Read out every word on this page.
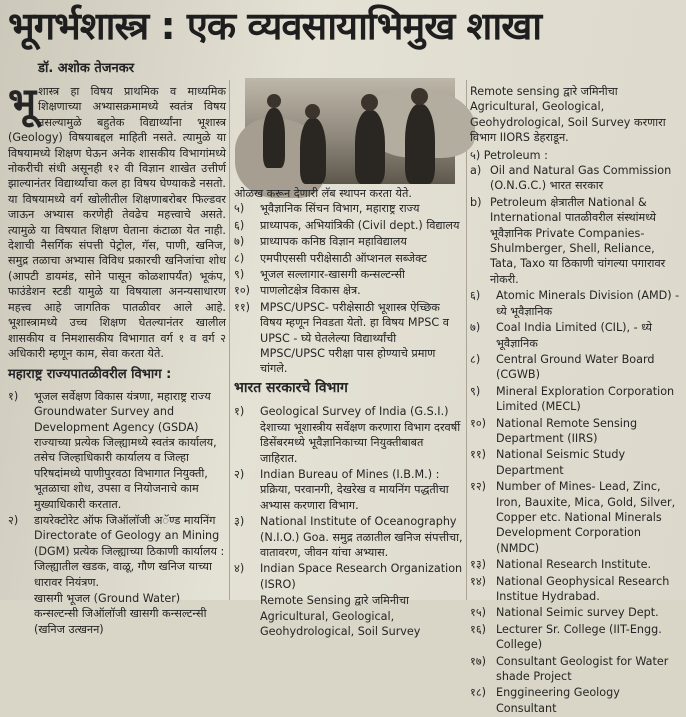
भूगर्भशास्त्र : एक व्यवसायाभिमुख शाखा
डॉ. अशोक तेजनकर
भू शास्त्र हा विषय प्राथमिक व माध्यमिक शिक्षणाच्या अभ्यासक्रमामध्ये स्वतंत्र विषय नसल्यामुळे बहुतेक विद्यार्थ्यांना भूशास्त्र (Geology) विषयाबद्दल माहिती नसते. त्यामुळे या विषयामध्ये शिक्षण घेऊन अनेक शासकीय विभागांमध्ये नोकरीची संधी असूनही १२ वी विज्ञान शाखेत उत्तीर्ण झाल्यानंतर विद्यार्थ्यांचा कल हा विषय घेण्याकडे नसतो. या विषयामध्ये वर्ग खोलीतील शिक्षणाबरोबर फिल्डवर जाऊन अभ्यास करणेही तेवढेच महत्त्वाचे असते. त्यामुळे या विषयात शिक्षण घेताना कंटाळा येत नाही. देशाची नैसर्गिक संपत्ती पेट्रोल, गॅस, पाणी, खनिज, समुद्र तळाचा अभ्यास विविध प्रकारची खनिजांचा शोध (आपटी डायमंड, सोने पासून कोळशापर्यंत) भूकंप, फाउंडेशन स्टडी यामुळे या विषयाला अनन्यसाधारण महत्त्व आहे जागतिक पातळीवर आले आहे. भूशास्त्रामध्ये उच्च शिक्षण घेतल्यानंतर खालील शासकीय व निमशासकीय विभागात वर्ग १ व वर्ग २ अधिकारी म्हणून काम, सेवा करता येते.
महाराष्ट्र राज्यपातळीवरील विभाग :
१)	भूजल सर्वेक्षण विकास यंत्रणा, महाराष्ट्र राज्य Groundwater Survey and Development Agency (GSDA) राज्याच्या प्रत्येक जिल्ह्यामध्ये स्वतंत्र कार्यालय, तसेच जिल्हाधिकारी कार्यालय व जिल्हा परिषदांमध्ये पाणीपुरवठा विभागात नियुक्ती, भूतळाचा शोध, उपसा व नियोजनाचे काम मुख्याधिकारी करतात.
२)	डायरेक्टोरेट ऑफ जिऑलॉजी अॅण्ड मायनिंग Directorate of Geology an Mining (DGM) प्रत्येक जिल्ह्याच्या ठिकाणी कार्यालय : जिल्ह्यातील खडक, वाळू, गौण खनिज याच्या धारावर नियंत्रण.
खासगी भूजल (Ground Water) कन्सल्टन्सी जिऑलॉजी खासगी कन्सल्टन्सी (खनिज उत्खनन)
ओळख करून देणारी लॅब स्थापन करता येते.
५)	भूवैज्ञानिक सिंचन विभाग, महाराष्ट्र राज्य
६)	प्राध्यापक, अभियांत्रिकी (Civil dept.) विद्यालय
७)	प्राध्यापक कनिष्ठ विज्ञान महाविद्यालय
८)	एमपीएससी परीक्षेसाठी ऑप्शनल सब्जेक्ट
९)	भूजल सल्लागार-खासगी कन्सल्टन्सी
१०) पाणलोटक्षेत्र विकास क्षेत्र.
११) MPSC/UPSC- परीक्षेसाठी भूशास्त्र ऐच्छिक विषय म्हणून निवडता येतो. हा विषय MPSC व UPSC - घ्ये घेतलेल्या विद्यार्थ्यांची MPSC/UPSC परीक्षा पास होण्याचे प्रमाण चांगले.
भारत सरकारचे विभाग
१)	Geological Survey of India (G.S.I.) देशाच्या भूशास्त्रीय सर्वेक्षण करणारा विभाग दरवर्षी डिसेंबरमध्ये भूवैज्ञानिकाच्या नियुक्तीबाबत जाहिरात.
२)	Indian Bureau of Mines (I.B.M.) : प्रक्रिया, परवानगी, देखरेख व मायनिंग पद्धतीचा अभ्यास करणारा विभाग.
३)	National Institute of Oceanography (N.I.O.) Goa. समुद्र तळातील खनिज संपत्तीचा, वातावरण, जीवन यांचा अभ्यास.
४)	Indian Space Research Organization (ISRO)
Remote Sensing द्वारे जमिनीचा Agricultural, Geological, Geohydrological, Soil Survey
Remote sensing द्वारे जमिनीचा Agricultural, Geological, Geohydrological, Soil Survey करणारा विभाग IIORS डेहराडून.
५) Petroleum :
a) Oil and Natural Gas Commission (O.N.G.C.) भारत सरकार
b) Petroleum क्षेत्रातील National & International पातळीवरील संस्थांमध्ये भूवैज्ञानिक Private Companies- Shulmberger, Shell, Reliance, Tata, Taxo या ठिकाणी चांगल्या पगारावर नोकरी.
६)	Atomic Minerals Division (AMD) - ध्ये भूवैज्ञानिक
७)	Coal India Limited (CIL), - ध्ये भूवैज्ञानिक
८)	Central Ground Water Board (CGWB)
९)	Mineral Exploration Corporation Limited (MECL)
१०) National Remote Sensing Department (IIRS)
११) National Seismic Study Department
१२) Number of Mines- Lead, Zinc, Iron, Bauxite, Mica, Gold, Silver, Copper etc. National Minerals Development Corporation (NMDC)
१३) National Research Institute.
१४) National Geophysical Research Institue Hydrabad.
१५) National Seimic survey Dept.
१६) Lecturer Sr. College (IIT-Engg. College)
१७) Consultant Geologist for Water shade Project
१८) Enggineering Geology Consultant
